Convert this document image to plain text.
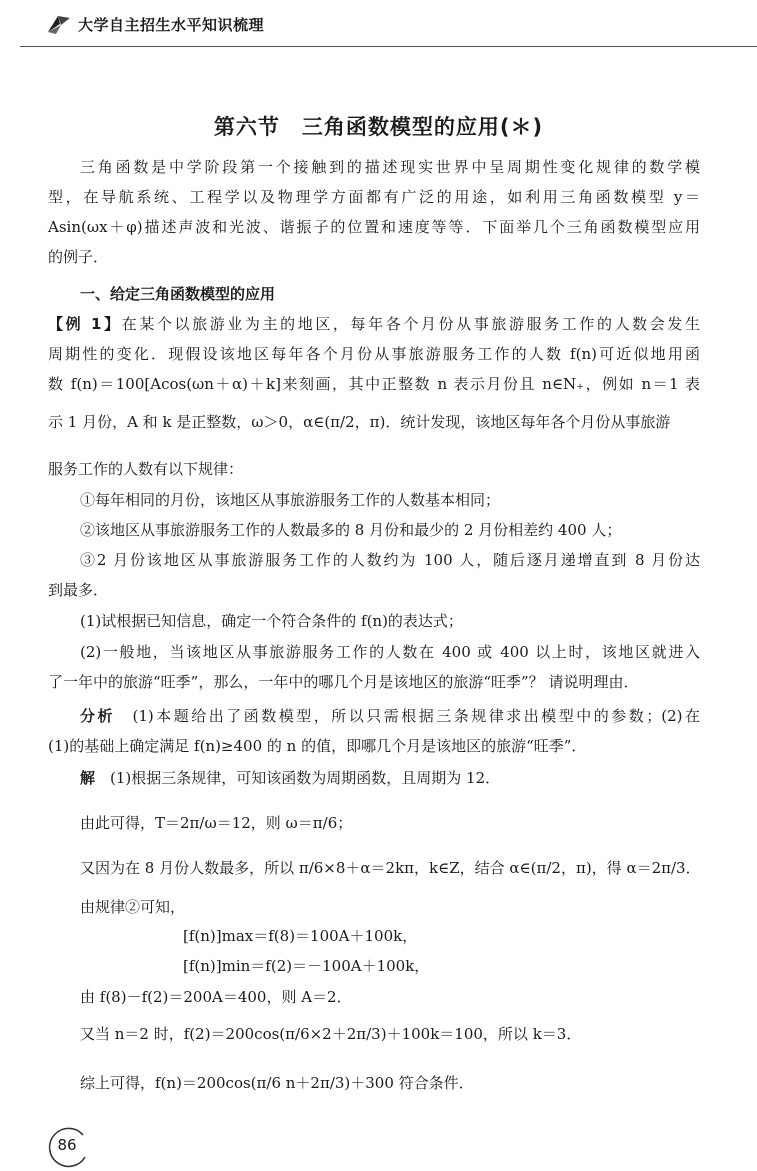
大学自主招生水平知识梳理
第六节　三角函数模型的应用(＊)
三角函数是中学阶段第一个接触到的描述现实世界中呈周期性变化规律的数学模
型，在导航系统、工程学以及物理学方面都有广泛的用途，如利用三角函数模型 y＝
Asin(ωx＋φ)描述声波和光波、谐振子的位置和速度等等．下面举几个三角函数模型应用
的例子．
一、给定三角函数模型的应用
【例 1】在某个以旅游业为主的地区，每年各个月份从事旅游服务工作的人数会发生
周期性的变化．现假设该地区每年各个月份从事旅游服务工作的人数 f(n)可近似地用函
数 f(n)＝100[Acos(ωn＋α)＋k]来刻画，其中正整数 n 表示月份且 n∈N₊，例如 n＝1 表
示 1 月份，A 和 k 是正整数，ω＞0，α∈(π/2，π)．统计发现，该地区每年各个月份从事旅游
服务工作的人数有以下规律：
①每年相同的月份，该地区从事旅游服务工作的人数基本相同；
②该地区从事旅游服务工作的人数最多的 8 月份和最少的 2 月份相差约 400 人；
③2 月份该地区从事旅游服务工作的人数约为 100 人，随后逐月递增直到 8 月份达
到最多．
(1)试根据已知信息，确定一个符合条件的 f(n)的表达式；
(2)一般地，当该地区从事旅游服务工作的人数在 400 或 400 以上时，该地区就进入
了一年中的旅游“旺季”，那么，一年中的哪几个月是该地区的旅游“旺季”？ 请说明理由．
分析　 (1)本题给出了函数模型，所以只需根据三条规律求出模型中的参数；(2)在
(1)的基础上确定满足 f(n)≥400 的 n 的值，即哪几个月是该地区的旅游“旺季”．
解　 (1)根据三条规律，可知该函数为周期函数，且周期为 12．
由此可得，T＝2π/ω＝12，则 ω＝π/6；
又因为在 8 月份人数最多，所以 π/6×8＋α＝2kπ，k∈Z，结合 α∈(π/2，π)，得 α＝2π/3．
由规律②可知，
[f(n)]max＝f(8)＝100A＋100k，
[f(n)]min＝f(2)＝－100A＋100k，
由 f(8)－f(2)＝200A＝400，则 A＝2．
又当 n＝2 时，f(2)＝200cos(π/6×2＋2π/3)＋100k＝100，所以 k＝3．
综上可得，f(n)＝200cos(π/6 n＋2π/3)＋300 符合条件．
86
